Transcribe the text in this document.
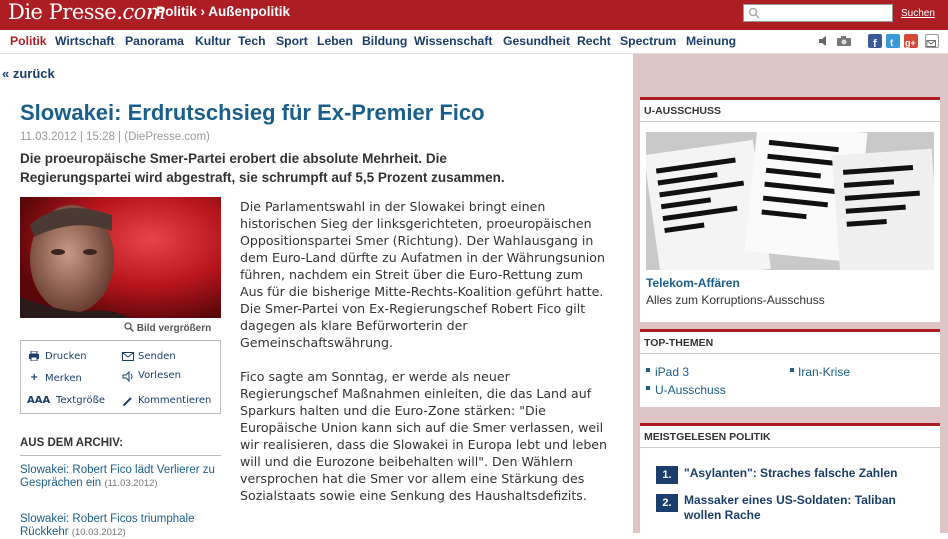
Die Presse.com
› Politik › Außenpolitik	Suchen
Politik Wirtschaft Panorama Kultur Tech Sport Leben Bildung Wissenschaft Gesundheit Recht Spectrum Meinung	f t g+
« zurück
Slowakei: Erdrutschsieg für Ex-Premier Fico
11.03.2012 | 15:28 | (DiePresse.com)
Die proeuropäische Smer-Partei erobert die absolute Mehrheit. Die Regierungspartei wird abgestraft, sie schrumpft auf 5,5 Prozent zusammen.
Bild vergrößern
Drucken	Senden
+ Merken	Vorlesen
AAA Textgröße	Kommentieren
AUS DEM ARCHIV:
Slowakei: Robert Fico lädt Verlierer zu Gesprächen ein (11.03.2012)
Slowakei: Robert Ficos triumphale Rückkehr (10.03.2012)

Die Parlamentswahl in der Slowakei bringt einen historischen Sieg der linksgerichteten, proeuropäischen Oppositionspartei Smer (Richtung). Der Wahlausgang in dem Euro-Land dürfte zu Aufatmen in der Währungsunion führen, nachdem ein Streit über die Euro-Rettung zum Aus für die bisherige Mitte-Rechts-Koalition geführt hatte. Die Smer-Partei von Ex-Regierungschef Robert Fico gilt dagegen als klare Befürworterin der Gemeinschaftswährung.

Fico sagte am Sonntag, er werde als neuer Regierungschef Maßnahmen einleiten, die das Land auf Sparkurs halten und die Euro-Zone stärken: "Die Europäische Union kann sich auf die Smer verlassen, weil wir realisieren, dass die Slowakei in Europa lebt und leben will und die Eurozone beibehalten will". Den Wählern versprochen hat die Smer vor allem eine Stärkung des Sozialstaats sowie eine Senkung des Haushaltsdefizits.

U-AUSSCHUSS
Telekom-Affären
Alles zum Korruptions-Ausschuss
TOP-THEMEN
iPad 3	Iran-Krise
U-Ausschuss
MEISTGELESEN POLITIK
1.	"Asylanten": Straches falsche Zahlen
2.	Massaker eines US-Soldaten: Taliban wollen Rache
